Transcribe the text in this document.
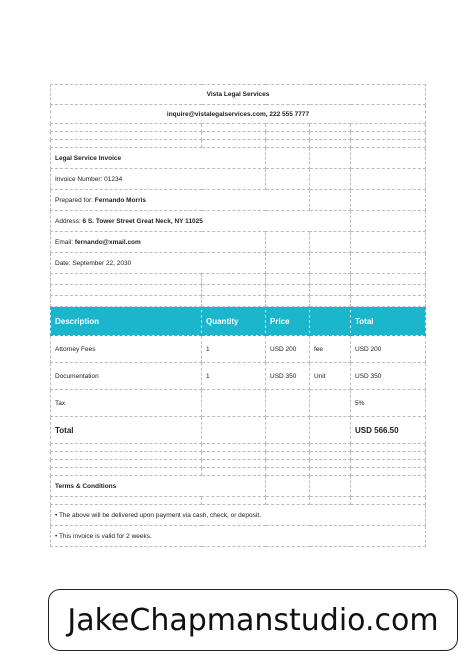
Vista Legal Services				
inquire@vistalegalservices.com, 222 555 7777				

Legal Service Invoice				
Invoice Number: 01234				
Prepared for: Fernando Morris				
Address: 6 S. Tower Street Great Neck, NY 11025				
Email: fernando@xmail.com				
Date: September 22, 2030				

Description	Quantity	Price		Total
Attorney Fees	1	USD 200	fee	USD 200
Documentation	1	USD 350	Unit	USD 350
Tax				5%
Total				USD 566.50

Terms & Conditions				

• The above will be delivered upon payment via cash, check, or deposit.				
• This invoice is valid for 2 weeks.				
JakeChapmanstudio.com
